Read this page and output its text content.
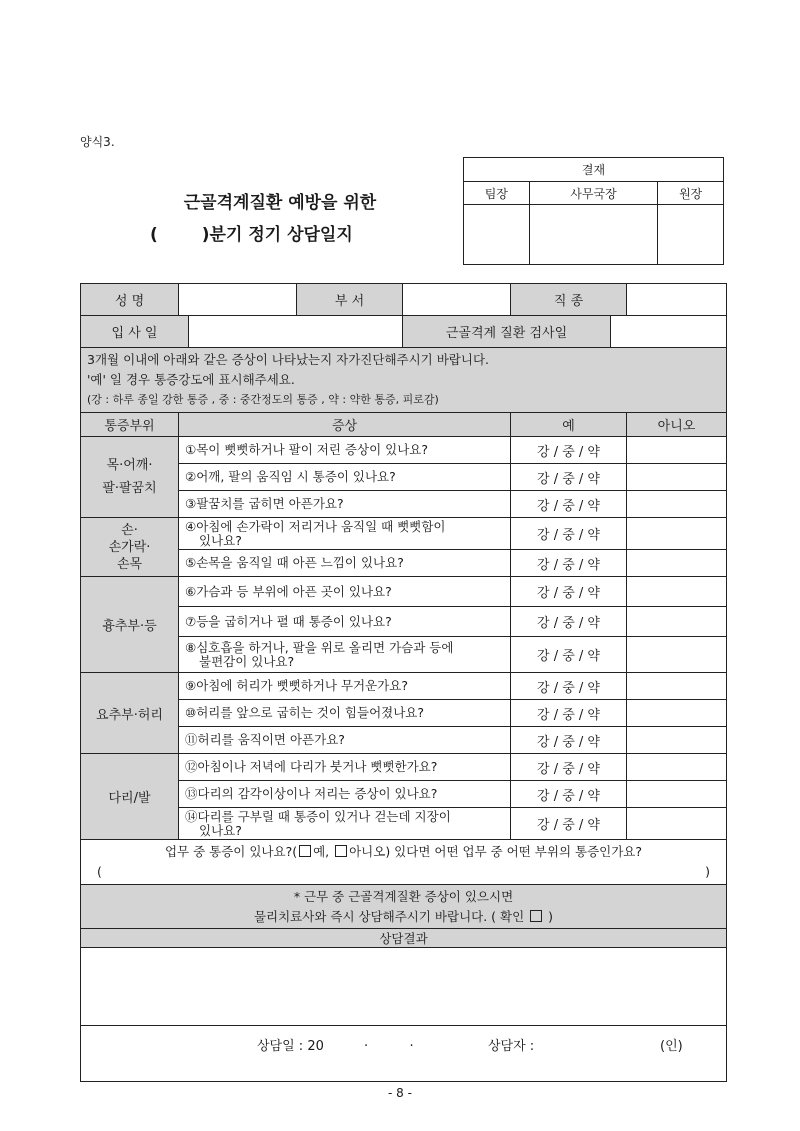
양식3.
근골격계질환 예방을 위한
(	)분기 정기 상담일지
결재		
팀장	사무국장	원장

성 명			부 서		직 종		
입 사 일				근골격계 질환 검사일			

3개월 이내에 아래와 같은 증상이 나타났는지 자가진단해주시기 바랍니다.
'예' 일 경우 통증강도에 표시해주세요.
(강 : 하루 종일 강한 통증 , 중 : 중간정도의 통증 , 약 : 약한 통증, 피로감)							

통증부위	증상				예		아니오
목·어깨·
팔·팔꿈치	①목이 뻣뻣하거나 팔이 저린 증상이 있나요?				강 / 중 / 약		
	②어깨, 팔의 움직임 시 통증이 있나요?				강 / 중 / 약		
	③팔꿈치를 굽히면 아픈가요?				강 / 중 / 약		
손·
손가락·
손목	④아침에 손가락이 저리거나 움직일 때 뻣뻣함이
있나요?				강 / 중 / 약		
	⑤손목을 움직일 때 아픈 느낌이 있나요?				강 / 중 / 약		
흉추부·등	⑥가슴과 등 부위에 아픈 곳이 있나요?				강 / 중 / 약		
	⑦등을 굽히거나 펼 때 통증이 있나요?				강 / 중 / 약		
	⑧심호흡을 하거나, 팔을 위로 올리면 가슴과 등에
불편감이 있나요?				강 / 중 / 약		
요추부·허리	⑨아침에 허리가 뻣뻣하거나 무거운가요?				강 / 중 / 약		
	⑩허리를 앞으로 굽히는 것이 힘들어졌나요?				강 / 중 / 약		
	⑪허리를 움직이면 아픈가요?				강 / 중 / 약		
다리/발	⑫아침이나 저녁에 다리가 붓거나 뻣뻣한가요?				강 / 중 / 약		
	⑬다리의 감각이상이나 저리는 증상이 있나요?				강 / 중 / 약		
	⑭다리를 구부릴 때 통증이 있거나 걷는데 지장이
있나요?				강 / 중 / 약		

업무 중 통증이 있나요?( 예, 아니오) 있다면 어떤 업무 중 어떤 부위의 통증인가요?
( )							

* 근무 중 근골격계질환 증상이 있으시면
물리치료사와 즉시 상담해주시기 바랍니다. ( 확인 )							

상담결과							

상담일 : 20	.          .	상담자 :	(인)
- 8 -
